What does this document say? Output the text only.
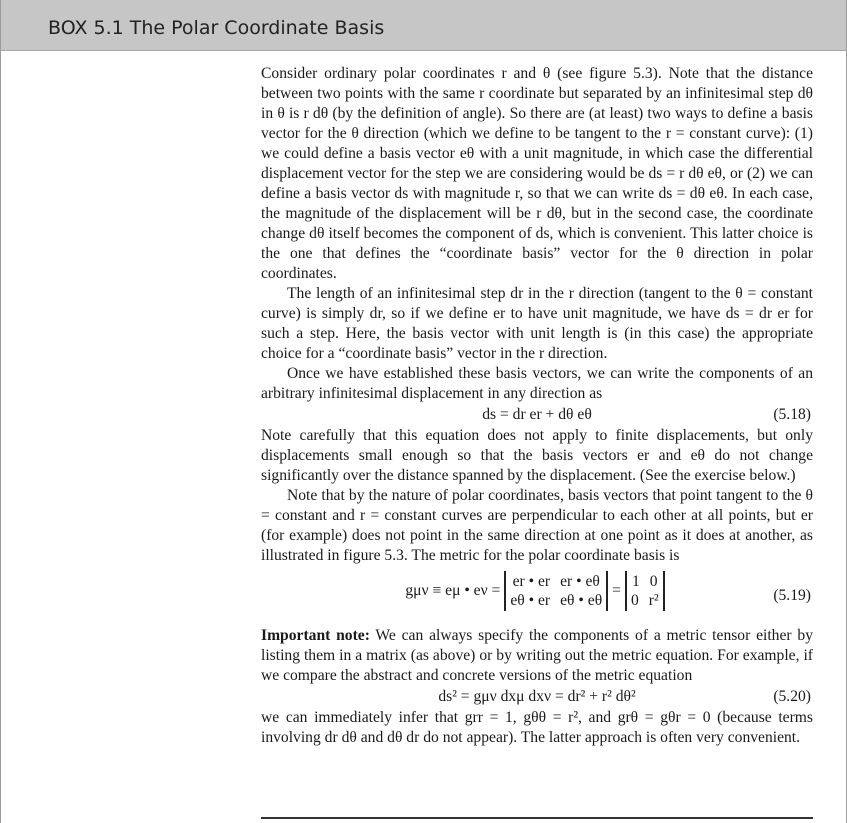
BOX 5.1 The Polar Coordinate Basis

Consider ordinary polar coordinates r and θ (see figure 5.3). Note that the distance between two points with the same r coordinate but separated by an infinitesimal step dθ in θ is r dθ (by the definition of angle). So there are (at least) two ways to define a basis vector for the θ direction (which we define to be tangent to the r = constant curve): (1) we could define a basis vector eθ with a unit magnitude, in which case the differential displacement vector for the step we are considering would be ds = r dθ eθ, or (2) we can define a basis vector ds with magnitude r, so that we can write ds = dθ eθ. In each case, the magnitude of the displacement will be r dθ, but in the second case, the coordinate change dθ itself becomes the component of ds, which is convenient. This latter choice is the one that defines the “coordinate basis” vector for the θ direction in polar coordinates.

The length of an infinitesimal step dr in the r direction (tangent to the θ = constant curve) is simply dr, so if we define er to have unit magnitude, we have ds = dr er for such a step. Here, the basis vector with unit length is (in this case) the appropriate choice for a “coordinate basis” vector in the r direction.

Once we have established these basis vectors, we can write the components of an arbitrary infinitesimal displacement in any direction as

ds = dr er + dθ eθ	(5.18)

Note carefully that this equation does not apply to finite displacements, but only displacements small enough so that the basis vectors er and eθ do not change significantly over the distance spanned by the displacement. (See the exercise below.)

Note that by the nature of polar coordinates, basis vectors that point tangent to the θ = constant and r = constant curves are perpendicular to each other at all points, but er (for example) does not point in the same direction at one point as it does at another, as illustrated in figure 5.3. The metric for the polar coordinate basis is

gμν ≡ eμ • eν =
er • er er • eθ
eθ • er eθ • eθ
=
1 0
0 r²	(5.19)

Important note: We can always specify the components of a metric tensor either by listing them in a matrix (as above) or by writing out the metric equation. For example, if we compare the abstract and concrete versions of the metric equation

ds² = gμν dxμ dxν = dr² + r² dθ²	(5.20)

we can immediately infer that grr = 1, gθθ = r², and grθ = gθr = 0 (because terms involving dr dθ and dθ dr do not appear). The latter approach is often very convenient.
